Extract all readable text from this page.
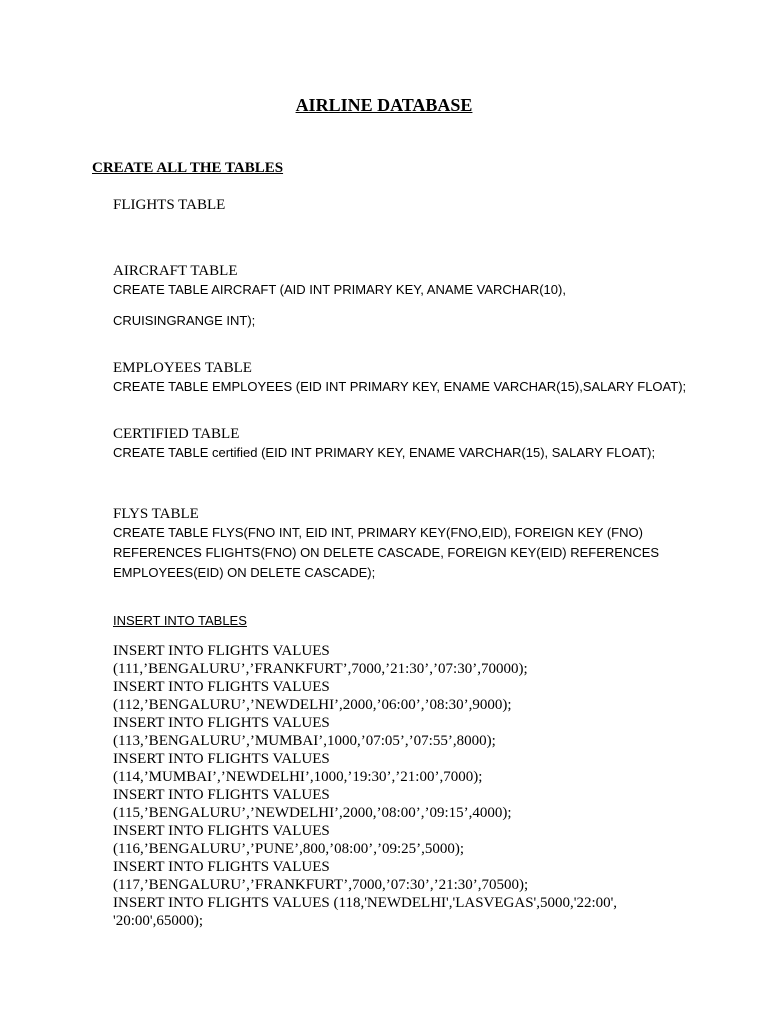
AIRLINE DATABASE
CREATE ALL THE TABLES
FLIGHTS TABLE
AIRCRAFT TABLE
CREATE TABLE AIRCRAFT (AID INT PRIMARY KEY, ANAME VARCHAR(10),
CRUISINGRANGE INT);
EMPLOYEES TABLE
CREATE TABLE EMPLOYEES (EID INT PRIMARY KEY, ENAME VARCHAR(15),SALARY FLOAT);
CERTIFIED TABLE
CREATE TABLE certified (EID INT PRIMARY KEY, ENAME VARCHAR(15), SALARY FLOAT);
FLYS TABLE
CREATE TABLE FLYS(FNO INT, EID INT, PRIMARY KEY(FNO,EID), FOREIGN KEY (FNO)
REFERENCES FLIGHTS(FNO) ON DELETE CASCADE, FOREIGN KEY(EID) REFERENCES
EMPLOYEES(EID) ON DELETE CASCADE);
INSERT INTO TABLES
INSERT INTO FLIGHTS VALUES
(111,’BENGALURU’,’FRANKFURT’,7000,’21:30’,’07:30’,70000);
INSERT INTO FLIGHTS VALUES
(112,’BENGALURU’,’NEWDELHI’,2000,’06:00’,’08:30’,9000);
INSERT INTO FLIGHTS VALUES
(113,’BENGALURU’,’MUMBAI’,1000,’07:05’,’07:55’,8000);
INSERT INTO FLIGHTS VALUES
(114,’MUMBAI’,’NEWDELHI’,1000,’19:30’,’21:00’,7000);
INSERT INTO FLIGHTS VALUES
(115,’BENGALURU’,’NEWDELHI’,2000,’08:00’,’09:15’,4000);
INSERT INTO FLIGHTS VALUES
(116,’BENGALURU’,’PUNE’,800,’08:00’,’09:25’,5000);
INSERT INTO FLIGHTS VALUES
(117,’BENGALURU’,’FRANKFURT’,7000,’07:30’,’21:30’,70500);
INSERT INTO FLIGHTS VALUES (118,'NEWDELHI','LASVEGAS',5000,'22:00',
'20:00',65000);
